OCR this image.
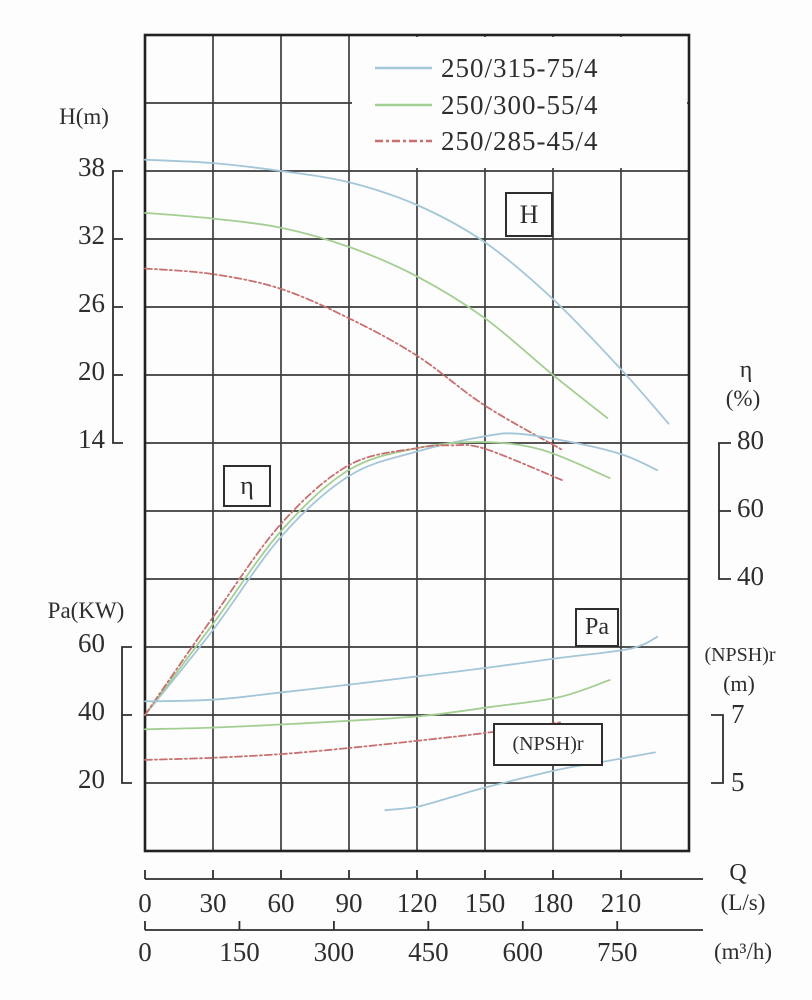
H(m)
Pa(KW)
η
(%)
(NPSH)r
(m)
Q
(L/s)
(m³/h)
H
η
Pa
(NPSH)r
250/315-75/4
250/300-55/4
250/285-45/4
38
32
26
20
14
60
40
20
80
60
40
7
5
0	30	60	90	120	150	180	210
0	150	300	450	600	750
